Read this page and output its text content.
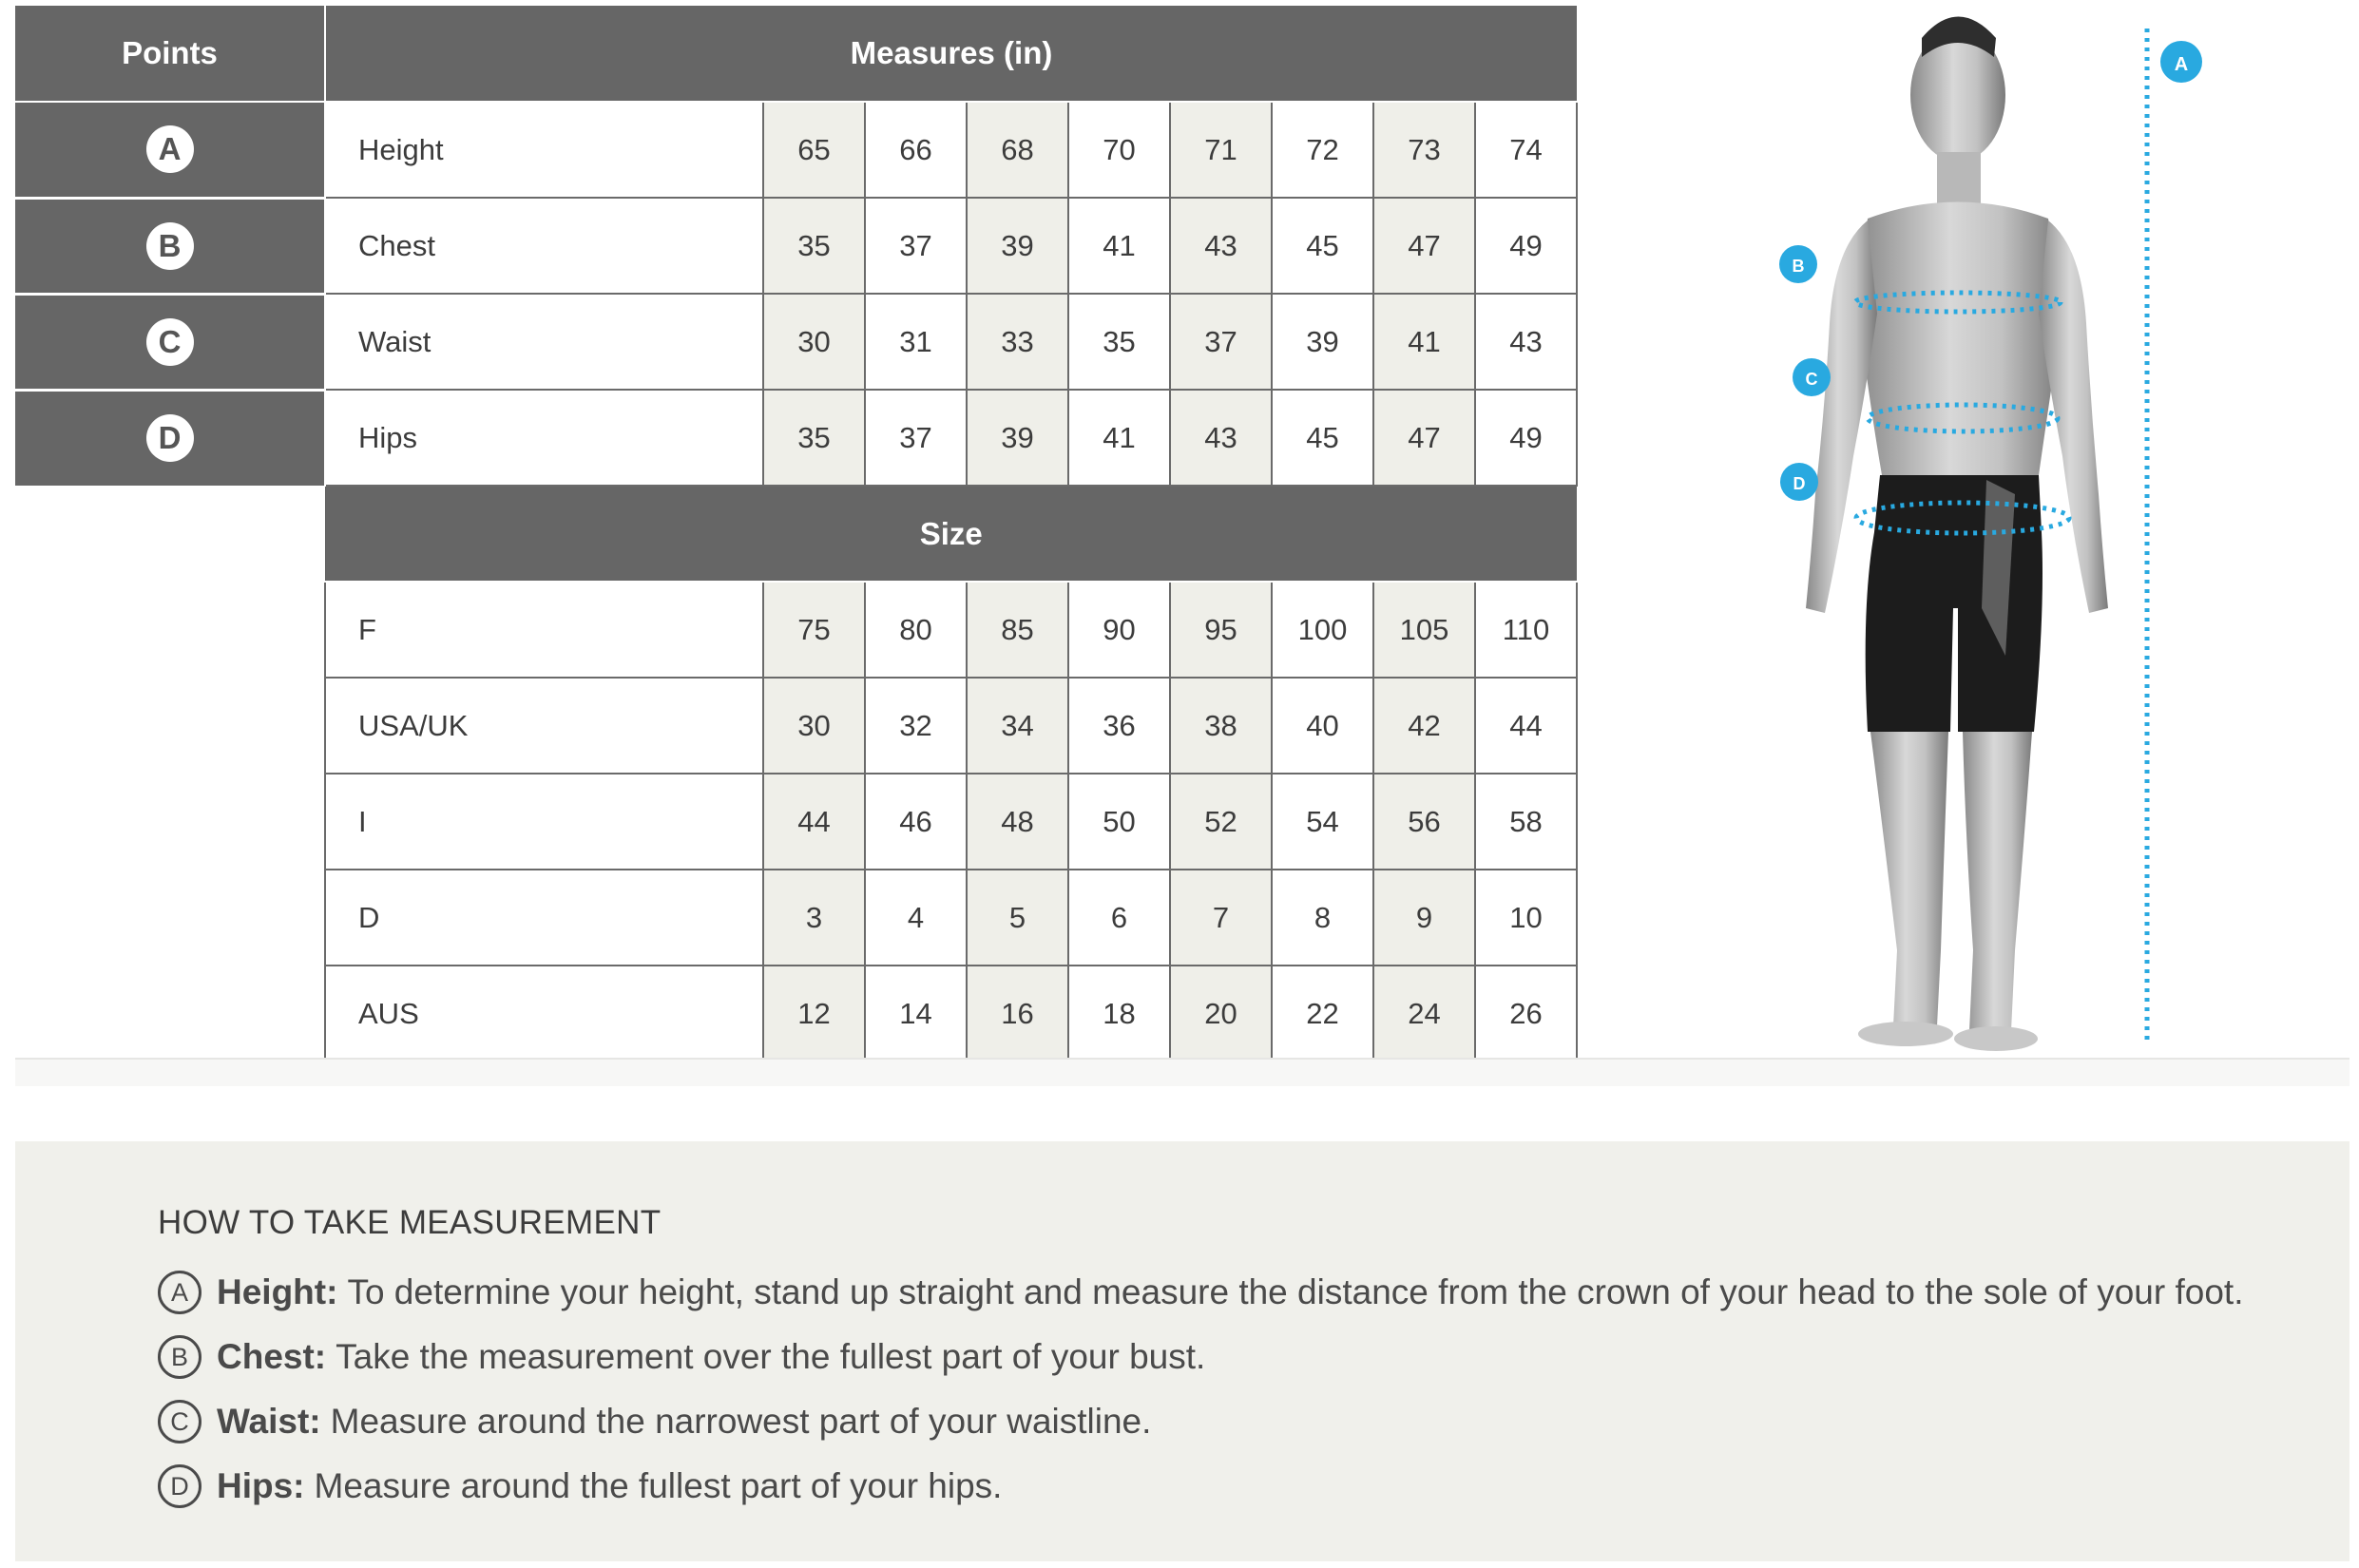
Points	Measures (in)								
A	Height	65	66	68	70	71	72	73	74
B	Chest	35	37	39	41	43	45	47	49
C	Waist	30	31	33	35	37	39	41	43
D	Hips	35	37	39	41	43	45	47	49
	Size								
	F	75	80	85	90	95	100	105	110
	USA/UK	30	32	34	36	38	40	42	44
	I	44	46	48	50	52	54	56	58
	D	3	4	5	6	7	8	9	10
	AUS	12	14	16	18	20	22	24	26
A
B
C
D
HOW TO TAKE MEASUREMENT
A Height: To determine your height, stand up straight and measure the distance from the crown of your head to the sole of your foot.
B Chest: Take the measurement over the fullest part of your bust.
C Waist: Measure around the narrowest part of your waistline.
D Hips: Measure around the fullest part of your hips.
